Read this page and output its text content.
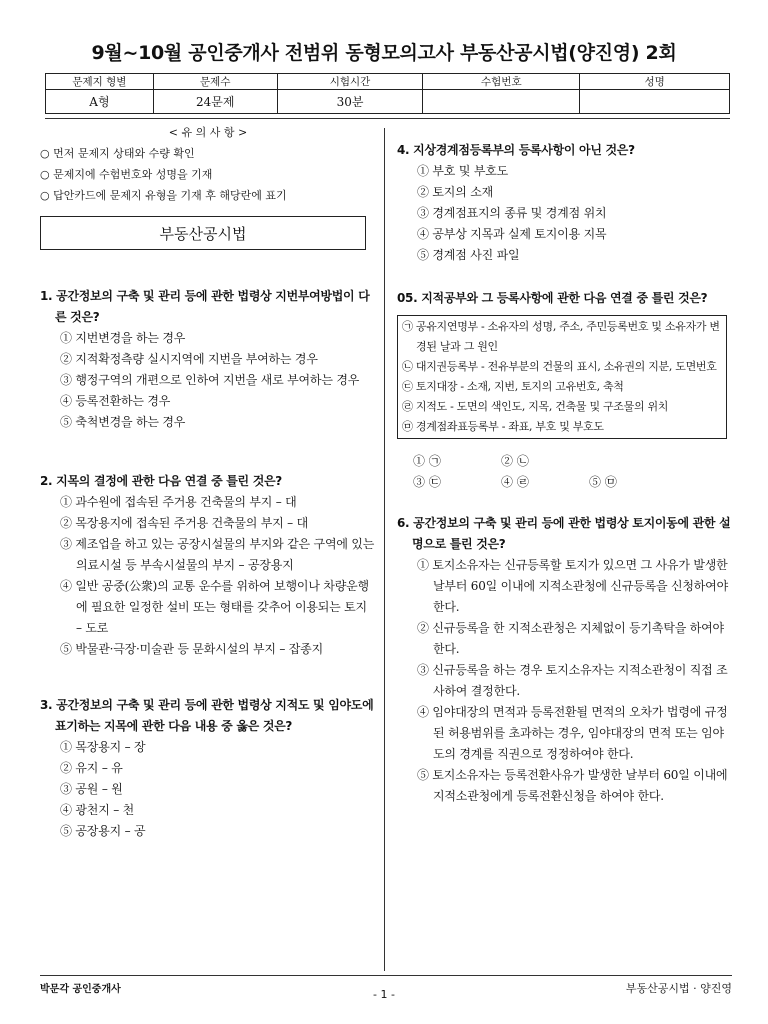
9월~10월 공인중개사 전범위 동형모의고사 부동산공시법(양진영) 2회
문제지 형별	문제수	시험시간	수험번호	성명
A형	24문제	30분		
< 유 의 사 항 >
○ 먼저 문제지 상태와 수량 확인
○ 문제지에 수험번호와 성명을 기재
○ 답안카드에 문제지 유형을 기재 후 해당란에 표기
부동산공시법
1. 공간정보의 구축 및 관리 등에 관한 법령상 지번부여방법이 다른 것은?
① 지번변경을 하는 경우
② 지적확정측량 실시지역에 지번을 부여하는 경우
③ 행정구역의 개편으로 인하여 지번을 새로 부여하는 경우
④ 등록전환하는 경우
⑤ 축척변경을 하는 경우
2. 지목의 결정에 관한 다음 연결 중 틀린 것은?
① 과수원에 접속된 주거용 건축물의 부지 – 대
② 목장용지에 접속된 주거용 건축물의 부지 – 대
③ 제조업을 하고 있는 공장시설물의 부지와 같은 구역에 있는 의료시설 등 부속시설물의 부지 – 공장용지
④ 일반 공중(公衆)의 교통 운수를 위하여 보행이나 차량운행에 필요한 일정한 설비 또는 형태를 갖추어 이용되는 토지 – 도로
⑤ 박물관·극장·미술관 등 문화시설의 부지 – 잡종지
3. 공간정보의 구축 및 관리 등에 관한 법령상 지적도 및 임야도에 표기하는 지목에 관한 다음 내용 중 옳은 것은?
① 목장용지 – 장
② 유지 – 유
③ 공원 – 원
④ 광천지 – 천
⑤ 공장용지 – 공
4. 지상경계점등록부의 등록사항이 아닌 것은?
① 부호 및 부호도
② 토지의 소재
③ 경계점표지의 종류 및 경계점 위치
④ 공부상 지목과 실제 토지이용 지목
⑤ 경계점 사진 파일
05. 지적공부와 그 등록사항에 관한 다음 연결 중 틀린 것은?
㉠ 공유지연명부 - 소유자의 성명, 주소, 주민등록번호 및 소유자가 변경된 날과 그 원인
㉡ 대지권등록부 - 전유부분의 건물의 표시, 소유권의 지분, 도면번호
㉢ 토지대장 - 소재, 지번, 토지의 고유번호, 축척
㉣ 지적도 - 도면의 색인도, 지목, 건축물 및 구조물의 위치
㉤ 경계점좌표등록부 - 좌표, 부호 및 부호도
① ㉠	② ㉡
③ ㉢	④ ㉣	⑤ ㉤
6. 공간정보의 구축 및 관리 등에 관한 법령상 토지이동에 관한 설명으로 틀린 것은?
① 토지소유자는 신규등록할 토지가 있으면 그 사유가 발생한 날부터 60일 이내에 지적소관청에 신규등록을 신청하여야 한다.
② 신규등록을 한 지적소관청은 지체없이 등기촉탁을 하여야 한다.
③ 신규등록을 하는 경우 토지소유자는 지적소관청이 직접 조사하여 결정한다.
④ 임야대장의 면적과 등록전환될 면적의 오차가 법령에 규정된 허용범위를 초과하는 경우, 임야대장의 면적 또는 임야도의 경계를 직권으로 정정하여야 한다.
⑤ 토지소유자는 등록전환사유가 발생한 날부터 60일 이내에 지적소관청에게 등록전환신청을 하여야 한다.
박문각 공인중개사	- 1 -	부동산공시법 · 양진영
